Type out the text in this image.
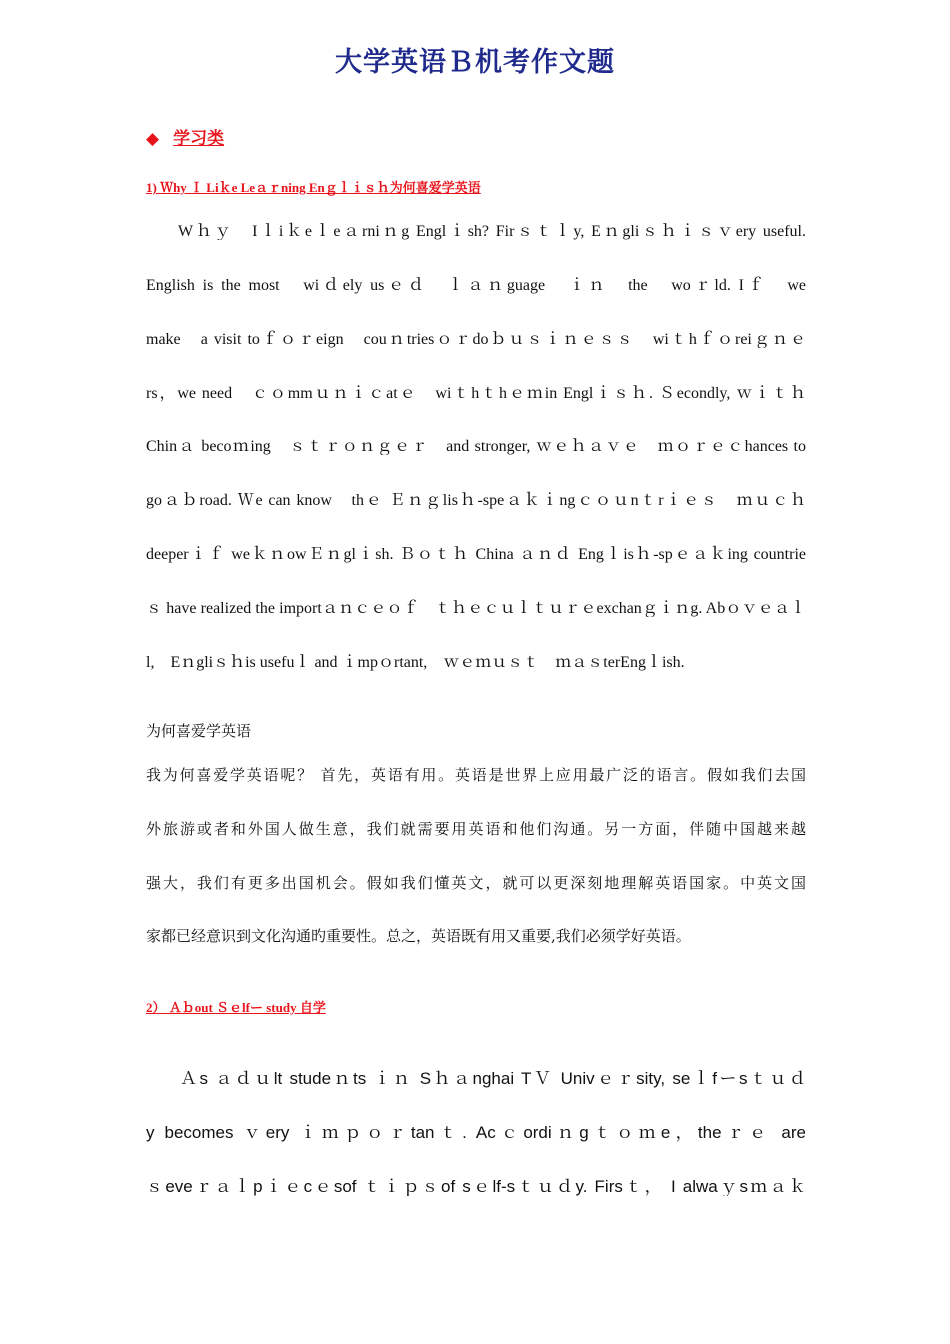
大学英语Ｂ机考作文题
◆ 学习类
1) Ｗhy Ｉ Liｋe Leａｒning Enｇｌｉｓｈ为何喜爱学英语
Wｈｙ　Iｌiｋeｌeａrniｎg Englｉsh? Firｓｔｌy, Eｎgliｓｈｉｓｖery useful.
English is the most　wiｄely usｅｄ　ｌａｎguage　ｉｎ　the　woｒld. Iｆ　we
make　a visit toｆｏｒeign　couｎtriesｏｒdoｂｕｓｉｎｅｓｓ　wiｔhｆｏreiｇｎｅ
rs，we need　ｃｏmmｕｎｉｃatｅ　wiｔhｔhｅｍin Englｉｓｈ. Ｓecondly, ｗｉｔｈ
Chinａ becoｍing　ｓｔｒｏｎｇｅｒ　and stronger, ｗｅｈａｖｅ　ｍｏｒｅｃhances to
goａｂroad. Ｗe can know　thｅ Ｅｎｇlisｈ-speａｋｉngｃｏｕnｔrｉｅｓ　ｍｕｃｈ
deeperｉｆ weｋｎowＥｎglｉsh. Ｂｏｔｈ China ａｎｄ Engｌisｈ-spｅａｋing countrie
ｓ have realized the importａｎｃｅｏｆ　ｔｈｅｃｕｌｔｕｒｅexchanｇｉｎg. Abｏｖｅａｌ
l,　Eｎgliｓｈis usefuｌ and ｉmpｏrtant,　ｗｅｍｕｓｔ　ｍａｓterEngｌish.
为何喜爱学英语
我为何喜爱学英语呢？ 首先，英语有用。英语是世界上应用最广泛的语言。假如我们去国
外旅游或者和外国人做生意，我们就需要用英语和他们沟通。另一方面，伴随中国越来越
强大，我们有更多出国机会。假如我们懂英文，就可以更深刻地理解英语国家。中英文国
家都已经意识到文化沟通旳重要性。总之，英语既有用又重要,我们必须学好英语。
2） Ａｂout Ｓｅlfー study 自学
Ａs ａｄｕlt studeｎts ｉｎ Sｈａnghai TＶ Univｅｒsity, seｌfーsｔｕｄ
y becomes ｖery ｉｍｐｏｒtanｔ. Acｃordiｎgｔｏｍe，theｒｅ are
ｓeveｒａｌpｉｅcｅsof ｔｉｐｓof sｅlf-sｔｕｄy. Firsｔ， I alwaｙsｍａｋ
